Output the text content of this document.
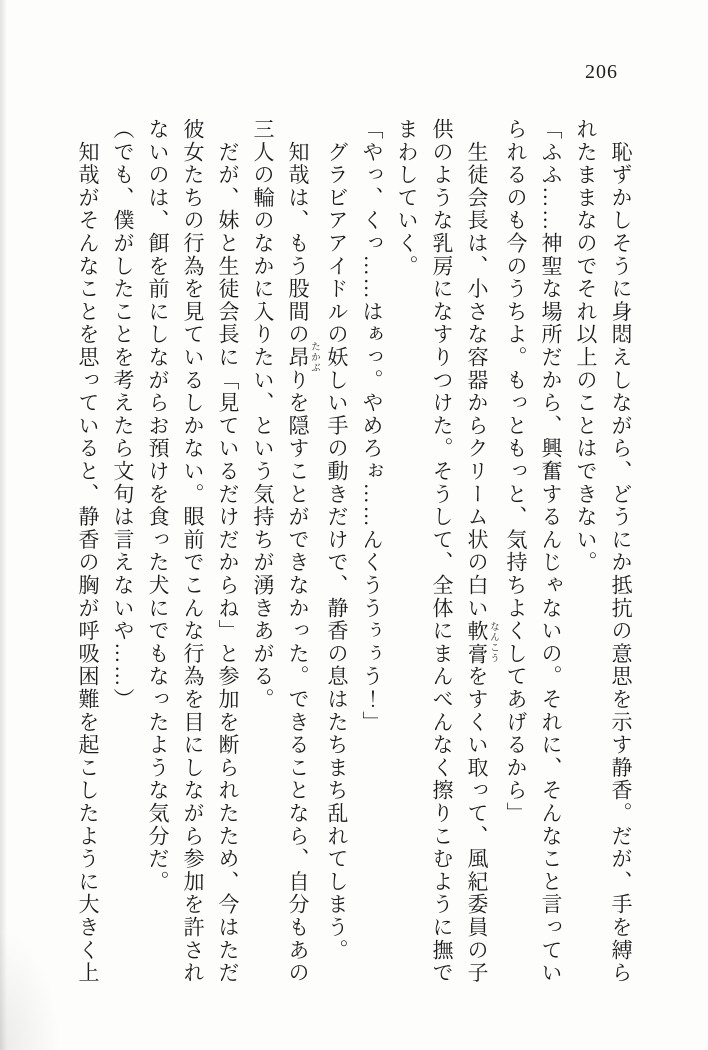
206
　恥ずかしそうに身悶えしながら、どうにか抵抗の意思を示す静香。だが、手を縛ら
れたままなのでそれ以上のことはできない。
「ふふ……神聖な場所だから、興奮するんじゃないの。それに、そんなこと言ってい
られるのも今のうちよ。もっともっと、気持ちよくしてあげるから」
　生徒会長は、小さな容器からクリーム状の白い軟膏 なんこうをすくい取って、風紀委員の子
供のような乳房になすりつけた。そうして、全体にまんべんなく擦りこむように撫で
まわしていく。
「やっ、くっ……はぁっ。やめろぉ……んくううぅぅう！」
　グラビアアイドルの妖しい手の動きだけで、静香の息はたちまち乱れてしまう。
　知哉は、もう股間の昂 たかぶりを隠すことができなかった。できることなら、自分もあの
三人の輪のなかに入りたい、という気持ちが湧きあがる。
　だが、妹と生徒会長に「見ているだけだからね」と参加を断られたため、今はただ
彼女たちの行為を見ているしかない。眼前でこんな行為を目にしながら参加を許され
ないのは、餌を前にしながらお預けを食った犬にでもなったような気分だ。
（でも、僕がしたことを考えたら文句は言えないや……）
　知哉がそんなことを思っていると、静香の胸が呼吸困難を起こしたように大きく上
